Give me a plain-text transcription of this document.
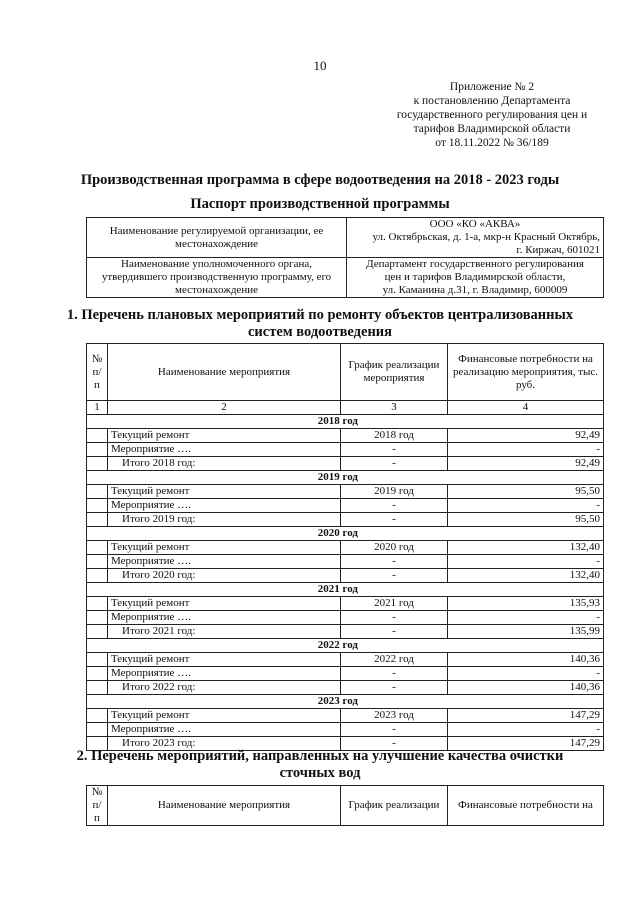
10
Приложение № 2
к постановлению Департамента
государственного регулирования цен и
тарифов Владимирской области
от 18.11.2022 № 36/189
Производственная программа в сфере водоотведения на 2018 - 2023 годы
Паспорт производственной программы
Наименование регулируемой организации, ее местонахождение	ООО «КО «АКВА»
ул. Октябрьская, д. 1-а, мкр-н Красный Октябрь,
г. Киржач, 601021

Наименование уполномоченного органа, утвердившего производственную программу, его местонахождение	Департамент государственного регулирования
цен и тарифов Владимирской области,
ул. Каманина д.31, г. Владимир, 600009
1. Перечень плановых мероприятий по ремонту объектов централизованных
систем водоотведения
№ п/п	Наименование мероприятия	График реализации мероприятия	Финансовые потребности на реализацию мероприятия, тыс. руб.
1	2	3	4
2018 год			
	Текущий ремонт	2018 год	92,49
	Мероприятие ….	-	-
	Итого 2018 год:	-	92,49
2019 год			
	Текущий ремонт	2019 год	95,50
	Мероприятие ….	-	-
	Итого 2019 год:	-	95,50
2020 год			
	Текущий ремонт	2020 год	132,40
	Мероприятие ….	-	-
	Итого 2020 год:	-	132,40
2021 год			
	Текущий ремонт	2021 год	135,93
	Мероприятие ….	-	-
	Итого 2021 год:	-	135,99
2022 год			
	Текущий ремонт	2022 год	140,36
	Мероприятие ….	-	-
	Итого 2022 год:	-	140,36
2023 год			
	Текущий ремонт	2023 год	147,29
	Мероприятие ….	-	-
	Итого 2023 год:	-	147,29
2. Перечень мероприятий, направленных на улучшение качества очистки
сточных вод
№ п/п	Наименование мероприятия	График реализации	Финансовые потребности на
